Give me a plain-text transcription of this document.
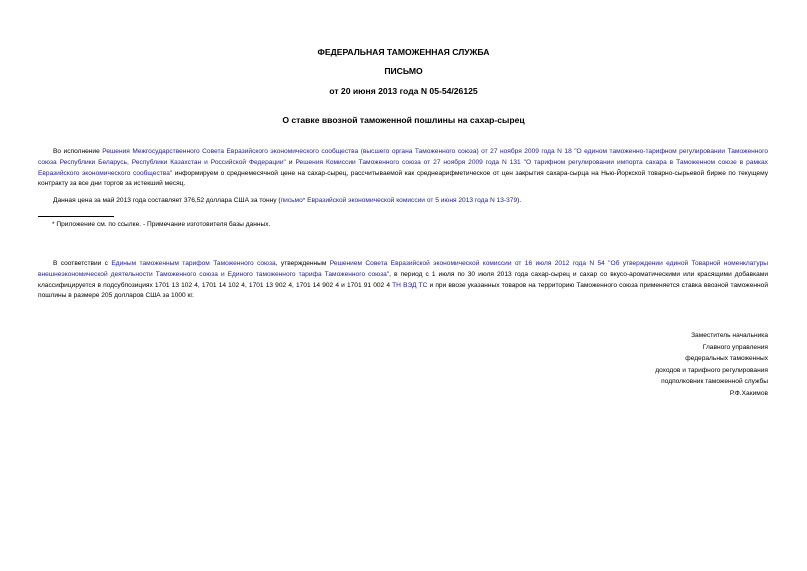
ФЕДЕРАЛЬНАЯ ТАМОЖЕННАЯ СЛУЖБА
ПИСЬМО
от 20 июня 2013 года N 05-54/26125
О ставке ввозной таможенной пошлины на сахар-сырец

Во исполнение Решения Межгосударственного Совета Евразийского экономического сообщества (высшего органа Таможенного союза) от 27 ноября 2009 года N 18 "О едином таможенно-тарифном регулировании Таможенного союза Республики Беларусь, Республики Казахстан и Российской Федерации" и Решения Комиссии Таможенного союза от 27 ноября 2009 года N 131 "О тарифном регулировании импорта сахара в Таможенном союзе в рамках Евразийского экономического сообщества" информируем о среднемесячной цене на сахар-сырец, рассчитываемой как среднеарифметическое от цен закрытия сахара-сырца на Нью-Йоркской товарно-сырьевой бирже по текущему контракту за все дни торгов за истекший месяц.

Данная цена за май 2013 года составляет 376,52 доллара США за тонну (письмо* Евразийской экономической комиссии от 5 июня 2013 года N 13-379).

* Приложение см. по ссылке. - Примечание изготовителя базы данных.

В соответствии с Единым таможенным тарифом Таможенного союза, утвержденным Решением Совета Евразийской экономической комиссии от 16 июля 2012 года N 54 "Об утверждении единой Товарной номенклатуры внешнеэкономической деятельности Таможенного союза и Единого таможенного тарифа Таможенного союза", в период с 1 июля по 30 июля 2013 года сахар-сырец и сахар со вкусо-ароматическими или красящими добавками классифицируется в подсубпозициях 1701 13 102 4, 1701 14 102 4, 1701 13 902 4, 1701 14 902 4 и 1701 91 002 4 ТН ВЭД ТС и при ввозе указанных товаров на территорию Таможенного союза применяется ставка ввозной таможенной пошлины в размере 205 долларов США за 1000 кг.

Заместитель начальника
Главного управления
федеральных таможенных
доходов и тарифного регулирования
подполковник таможенной службы
Р.Ф.Хакимов
